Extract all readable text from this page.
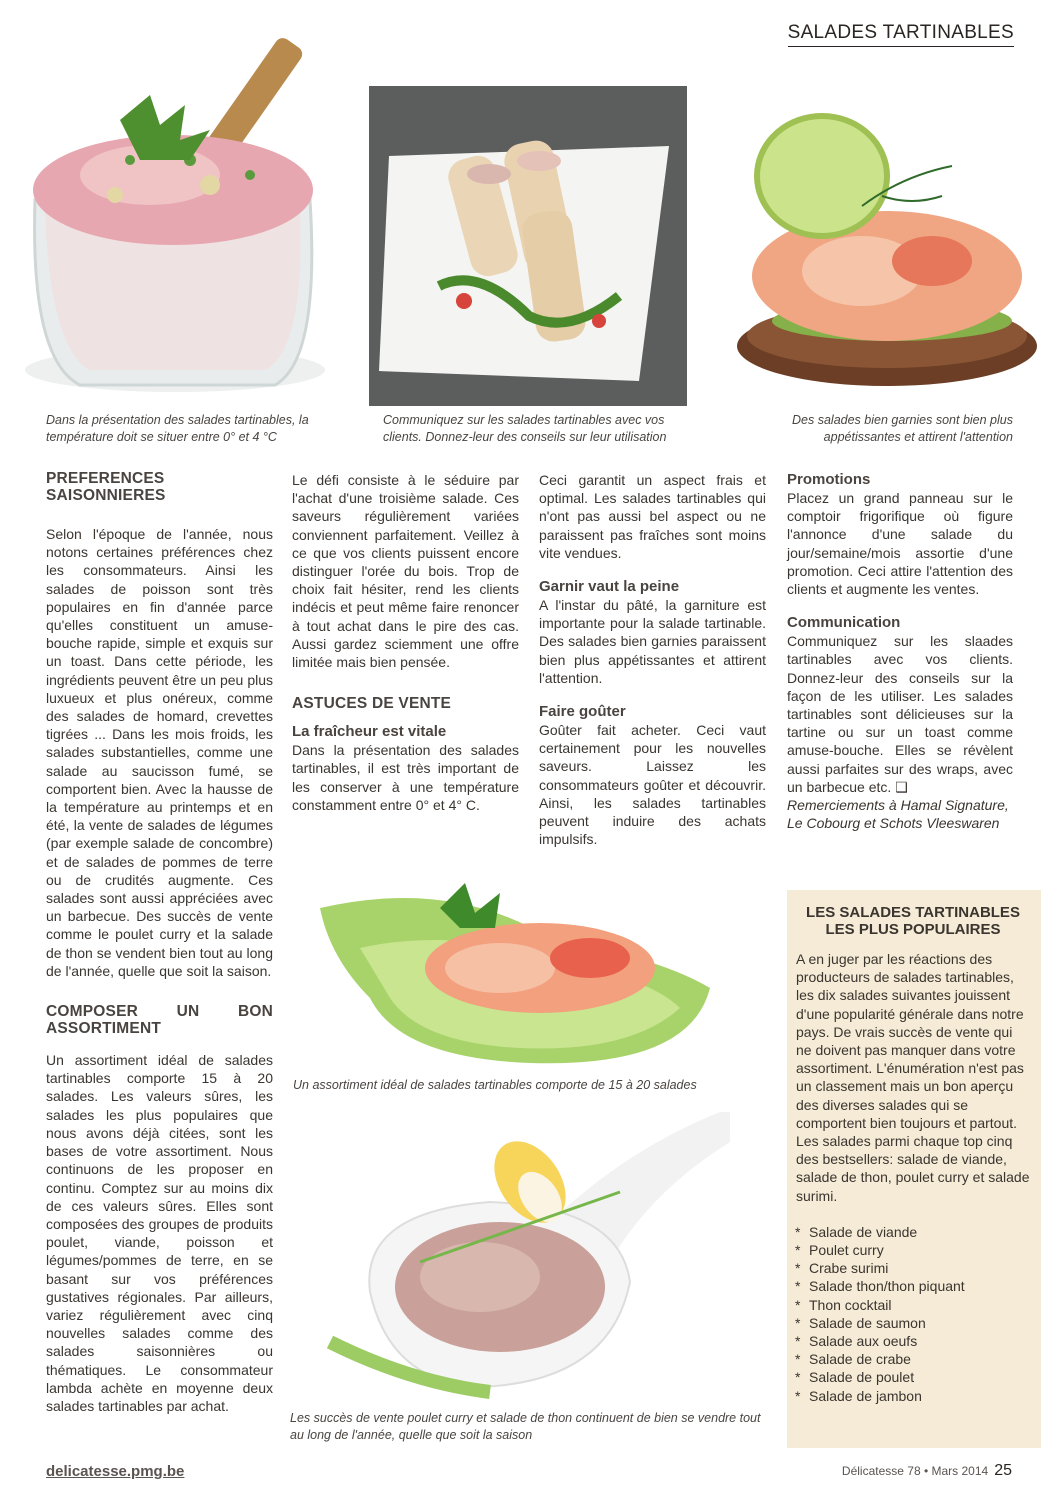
SALADES TARTINABLES
Dans la présentation des salades tartinables, la température doit se situer entre 0° et 4 °C
Communiquez sur les salades tartinables avec vos clients. Donnez-leur des conseils sur leur utilisation
Des salades bien garnies sont bien plus appétissantes et attirent l'attention
PREFERENCES SAISONNIERES

Selon l'époque de l'année, nous notons certaines préférences chez les consommateurs. Ainsi les salades de poisson sont très populaires en fin d'année parce qu'elles constituent un amuse-bouche rapide, simple et exquis sur un toast. Dans cette période, les ingrédients peuvent être un peu plus luxueux et plus onéreux, comme des salades de homard, crevettes tigrées ... Dans les mois froids, les salades substantielles, comme une salade au saucisson fumé, se comportent bien. Avec la hausse de la température au printemps et en été, la vente de salades de légumes (par exemple salade de concombre) et de salades de pommes de terre ou de crudités augmente. Ces salades sont aussi appréciées avec un barbecue. Des succès de vente comme le poulet curry et la salade de thon se vendent bien tout au long de l'année, quelle que soit la saison.

COMPOSER UN BON ASSORTIMENT

Un assortiment idéal de salades tartinables comporte 15 à 20 salades. Les valeurs sûres, les salades les plus populaires que nous avons déjà citées, sont les bases de votre assortiment. Nous continuons de les proposer en continu. Comptez sur au moins dix de ces valeurs sûres. Elles sont composées des groupes de produits poulet, viande, poisson et légumes/pommes de terre, en se basant sur vos préférences gustatives régionales. Par ailleurs, variez régulièrement avec cinq nouvelles salades comme des salades saisonnières ou thématiques. Le consommateur lambda achète en moyenne deux salades tartinables par achat.

Le défi consiste à le séduire par l'achat d'une troisième salade. Ces saveurs régulièrement variées conviennent parfaitement. Veillez à ce que vos clients puissent encore distinguer l'orée du bois. Trop de choix fait hésiter, rend les clients indécis et peut même faire renoncer à tout achat dans le pire des cas. Aussi gardez sciemment une offre limitée mais bien pensée.

ASTUCES DE VENTE
La fraîcheur est vitale

Dans la présentation des salades tartinables, il est très important de les conserver à une température constamment entre 0° et 4° C.

Ceci garantit un aspect frais et optimal. Les salades tartinables qui n'ont pas aussi bel aspect ou ne paraissent pas fraîches sont moins vite vendues.

Garnir vaut la peine

A l'instar du pâté, la garniture est importante pour la salade tartinable. Des salades bien garnies paraissent bien plus appétissantes et attirent l'attention.

Faire goûter

Goûter fait acheter. Ceci vaut certainement pour les nouvelles saveurs. Laissez les consommateurs goûter et découvrir. Ainsi, les salades tartinables peuvent induire des achats impulsifs.

Promotions

Placez un grand panneau sur le comptoir frigorifique où figure l'annonce d'une salade du jour/semaine/mois assortie d'une promotion. Ceci attire l'attention des clients et augmente les ventes.

Communication

Communiquez sur les slaades tartinables avec vos clients. Donnez-leur des conseils sur la façon de les utiliser. Les salades tartinables sont délicieuses sur la tartine ou sur un toast comme amuse-bouche. Elles se révèlent aussi parfaites sur des wraps, avec un barbecue etc. ❑

Remerciements à Hamal Signature, Le Cobourg et Schots Vleeswaren

Un assortiment idéal de salades tartinables comporte de 15 à 20 salades
Les succès de vente poulet curry et salade de thon continuent de bien se vendre tout au long de l'année, quelle que soit la saison
LES SALADES TARTINABLES LES PLUS POPULAIRES
A en juger par les réactions des producteurs de salades tartinables, les dix salades suivantes jouissent d'une popularité générale dans notre pays. De vrais succès de vente qui ne doivent pas manquer dans votre assortiment. L'énumération n'est pas un classement mais un bon aperçu des diverses salades qui se comportent bien toujours et partout. Les salades parmi chaque top cinq des bestsellers: salade de viande, salade de thon, poulet curry et salade surimi.
* Salade de viande
* Poulet curry
* Crabe surimi
* Salade thon/thon piquant
* Thon cocktail
* Salade de saumon
* Salade aux oeufs
* Salade de crabe
* Salade de poulet
* Salade de jambon
delicatesse.pmg.be	Délicatesse 78 • Mars 2014 25
